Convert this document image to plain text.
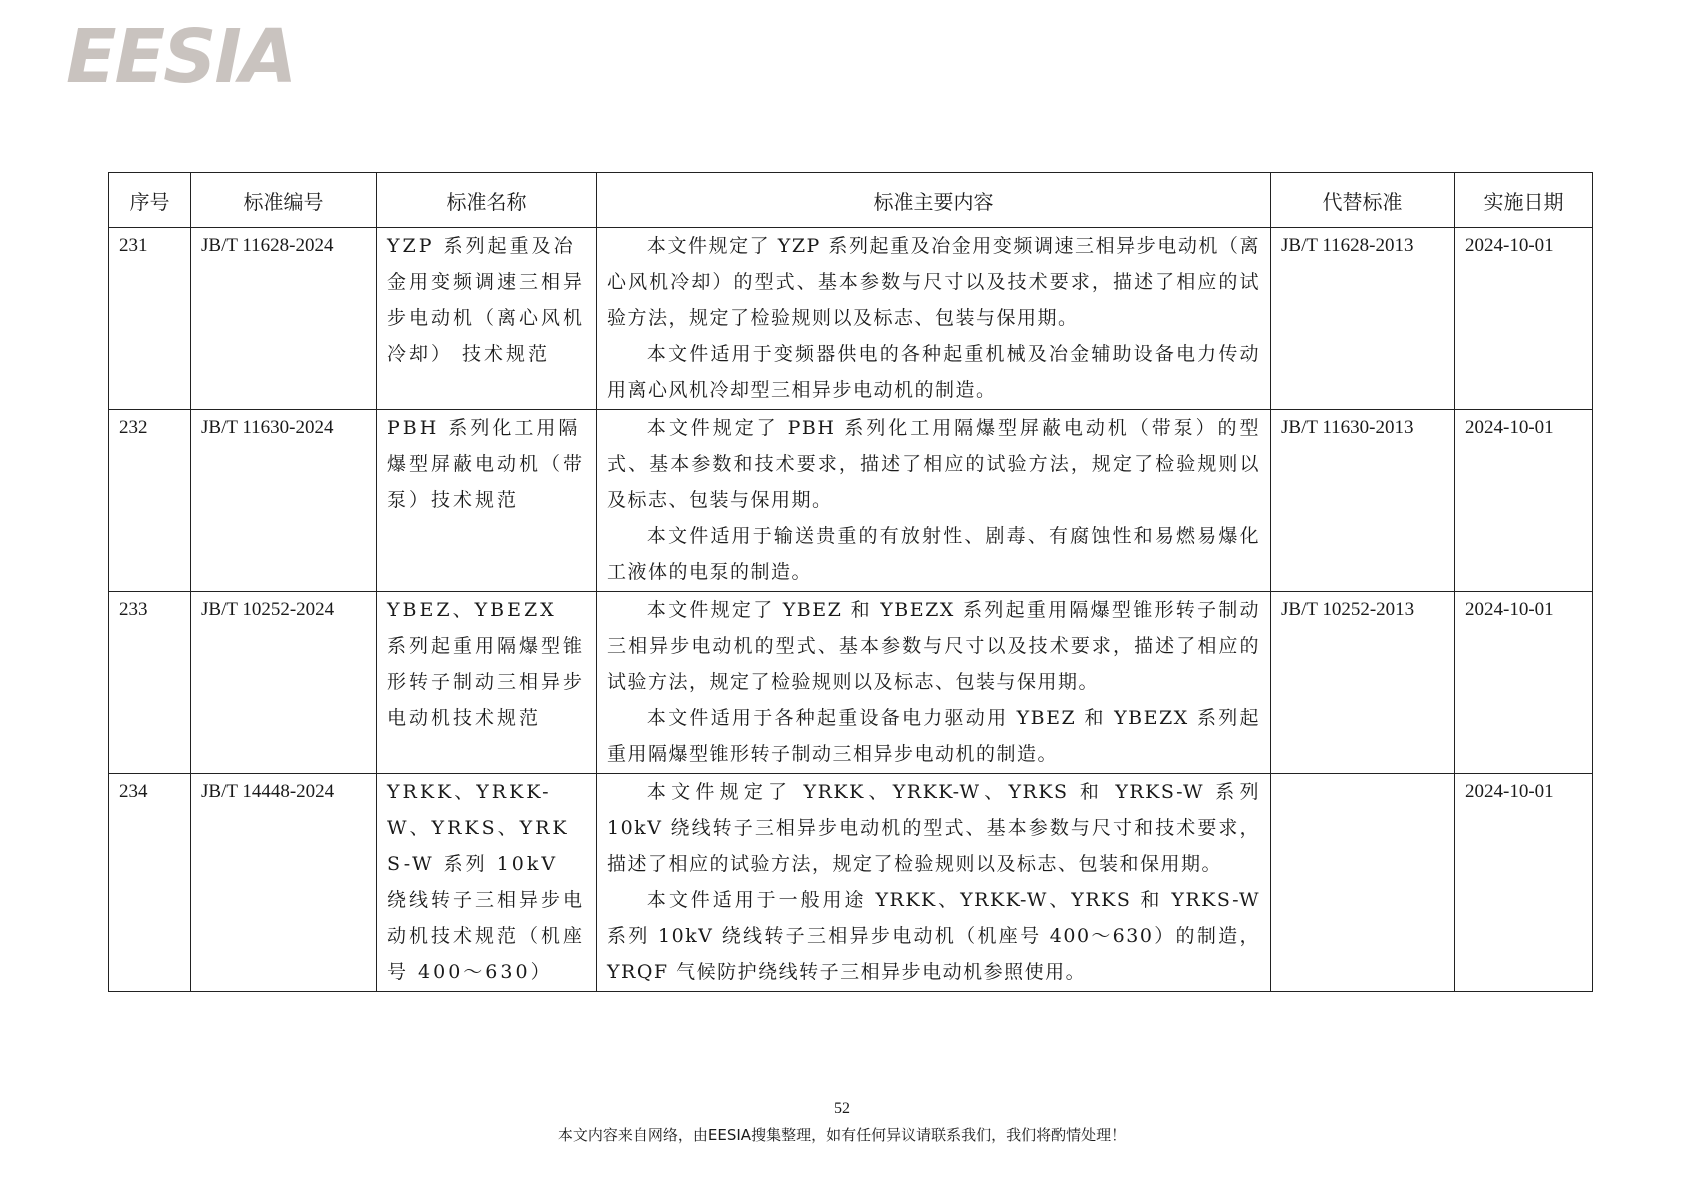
EESIA
序号	标准编号	标准名称	标准主要内容	代替标准	实施日期
231	JB/T 11628-2024	YZP 系列起重及冶金用变频调速三相异步电动机（离心风机冷却） 技术规范	本文件规定了 YZP 系列起重及冶金用变频调速三相异步电动机（离心风机冷却）的型式、基本参数与尺寸以及技术要求，描述了相应的试验方法，规定了检验规则以及标志、包装与保用期。

本文件适用于变频器供电的各种起重机械及冶金辅助设备电力传动用离心风机冷却型三相异步电动机的制造。	JB/T 11628-2013	2024-10-01
232	JB/T 11630-2024	PBH 系列化工用隔爆型屏蔽电动机（带泵）技术规范	本文件规定了 PBH 系列化工用隔爆型屏蔽电动机（带泵）的型式、基本参数和技术要求，描述了相应的试验方法，规定了检验规则以及标志、包装与保用期。

本文件适用于输送贵重的有放射性、剧毒、有腐蚀性和易燃易爆化工液体的电泵的制造。	JB/T 11630-2013	2024-10-01
233	JB/T 10252-2024	YBEZ、YBEZX 系列起重用隔爆型锥形转子制动三相异步电动机技术规范	本文件规定了 YBEZ 和 YBEZX 系列起重用隔爆型锥形转子制动三相异步电动机的型式、基本参数与尺寸以及技术要求，描述了相应的试验方法，规定了检验规则以及标志、包装与保用期。

本文件适用于各种起重设备电力驱动用 YBEZ 和 YBEZX 系列起重用隔爆型锥形转子制动三相异步电动机的制造。	JB/T 10252-2013	2024-10-01
234	JB/T 14448-2024	YRKK、YRKK-W、YRKS、YRKS-W 系列 10kV 绕线转子三相异步电动机技术规范（机座号 400～630）	本文件规定了 YRKK、YRKK-W、YRKS 和 YRKS-W 系列 10kV 绕线转子三相异步电动机的型式、基本参数与尺寸和技术要求，描述了相应的试验方法，规定了检验规则以及标志、包装和保用期。

本文件适用于一般用途 YRKK、YRKK-W、YRKS 和 YRKS-W 系列 10kV 绕线转子三相异步电动机（机座号 400～630）的制造，YRQF 气候防护绕线转子三相异步电动机参照使用。		2024-10-01
52
本文内容来自网络，由EESIA搜集整理，如有任何异议请联系我们，我们将酌情处理！
